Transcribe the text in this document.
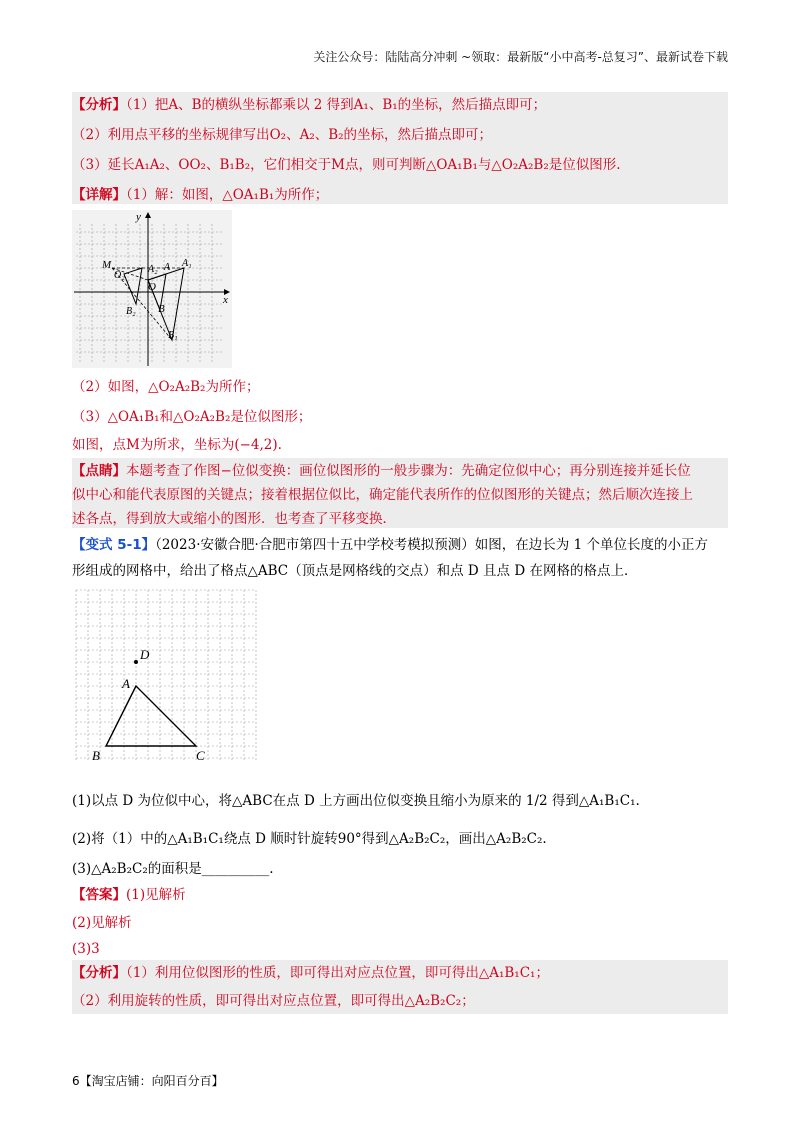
关注公众号：陆陆高分冲刺 ~领取：最新版“小中高考-总复习”、最新试卷下载
【分析】（1）把A、B的横纵坐标都乘以 2 得到A₁、B₁的坐标，然后描点即可；
（2）利用点平移的坐标规律写出O₂、A₂、B₂的坐标，然后描点即可；
（3）延长A₁A₂、OO₂、B₁B₂，它们相交于M点，则可判断△OA₁B₁与△O₂A₂B₂是位似图形.
【详解】（1）解：如图，△OA₁B₁为所作；
x
y
M
O₂
A₂ A A₁
O
B₂ B
B₁
（2）如图，△O₂A₂B₂为所作；
（3）△OA₁B₁和△O₂A₂B₂是位似图形；
如图，点M为所求，坐标为(−4,2).
【点睛】本题考查了作图−位似变换：画位似图形的一般步骤为：先确定位似中心；再分别连接并延长位
似中心和能代表原图的关键点；接着根据位似比，确定能代表所作的位似图形的关键点；然后顺次连接上
述各点，得到放大或缩小的图形．也考查了平移变换．
【变式 5-1】（2023·安徽合肥·合肥市第四十五中学校考模拟预测）如图，在边长为 1 个单位长度的小正方
形组成的网格中，给出了格点△ABC（顶点是网格线的交点）和点 D 且点 D 在网格的格点上．
D
A
B	C
(1)以点 D 为位似中心，将△ABC在点 D 上方画出位似变换且缩小为原来的 1/2 得到△A₁B₁C₁.
(2)将（1）中的△A₁B₁C₁绕点 D 顺时针旋转90°得到△A₂B₂C₂，画出△A₂B₂C₂.
(3)△A₂B₂C₂的面积是__________.
【答案】(1)见解析
(2)见解析
(3)3
【分析】（1）利用位似图形的性质，即可得出对应点位置，即可得出△A₁B₁C₁；
（2）利用旋转的性质，即可得出对应点位置，即可得出△A₂B₂C₂；
6【淘宝店铺：向阳百分百】
